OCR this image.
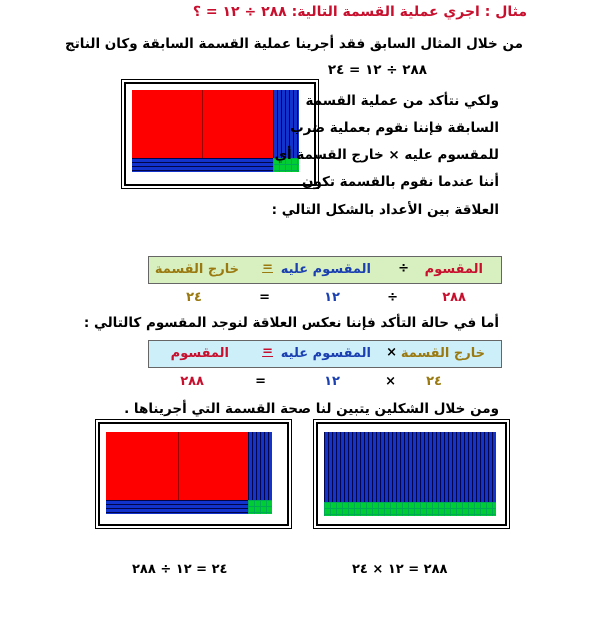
مثال : اجري عملية القسمة التالية: ٢٨٨ ÷ ١٢ = ؟
من خلال المثال السابق فقد أجرينا عملية القسمة السابقة وكان الناتج
٢٨٨ ÷ ١٢ = ٢٤
ولكي نتأكد من عملية القسمة
السابقة فإننا نقوم بعملية ضرب
للمقسوم عليه × خارج القسمة أي
أننا عندما نقوم بالقسمة تكون
العلاقة بين الأعداد بالشكل التالي :
المقسوم
÷
المقسوم عليه
=
خارج القسمة
٢٨٨
÷
١٢
=
٢٤
أما في حالة التأكد فإننا نعكس العلاقة لنوجد المقسوم كالتالي :
خارج القسمة
×
المقسوم عليه
=
المقسوم
٢٤
×
١٢
=
٢٨٨
ومن خلال الشكلين يتبين لنا صحة القسمة التي أجريناها .
٢٤ = ١٢ ÷ ٢٨٨	٢٨٨ = ١٢ × ٢٤
